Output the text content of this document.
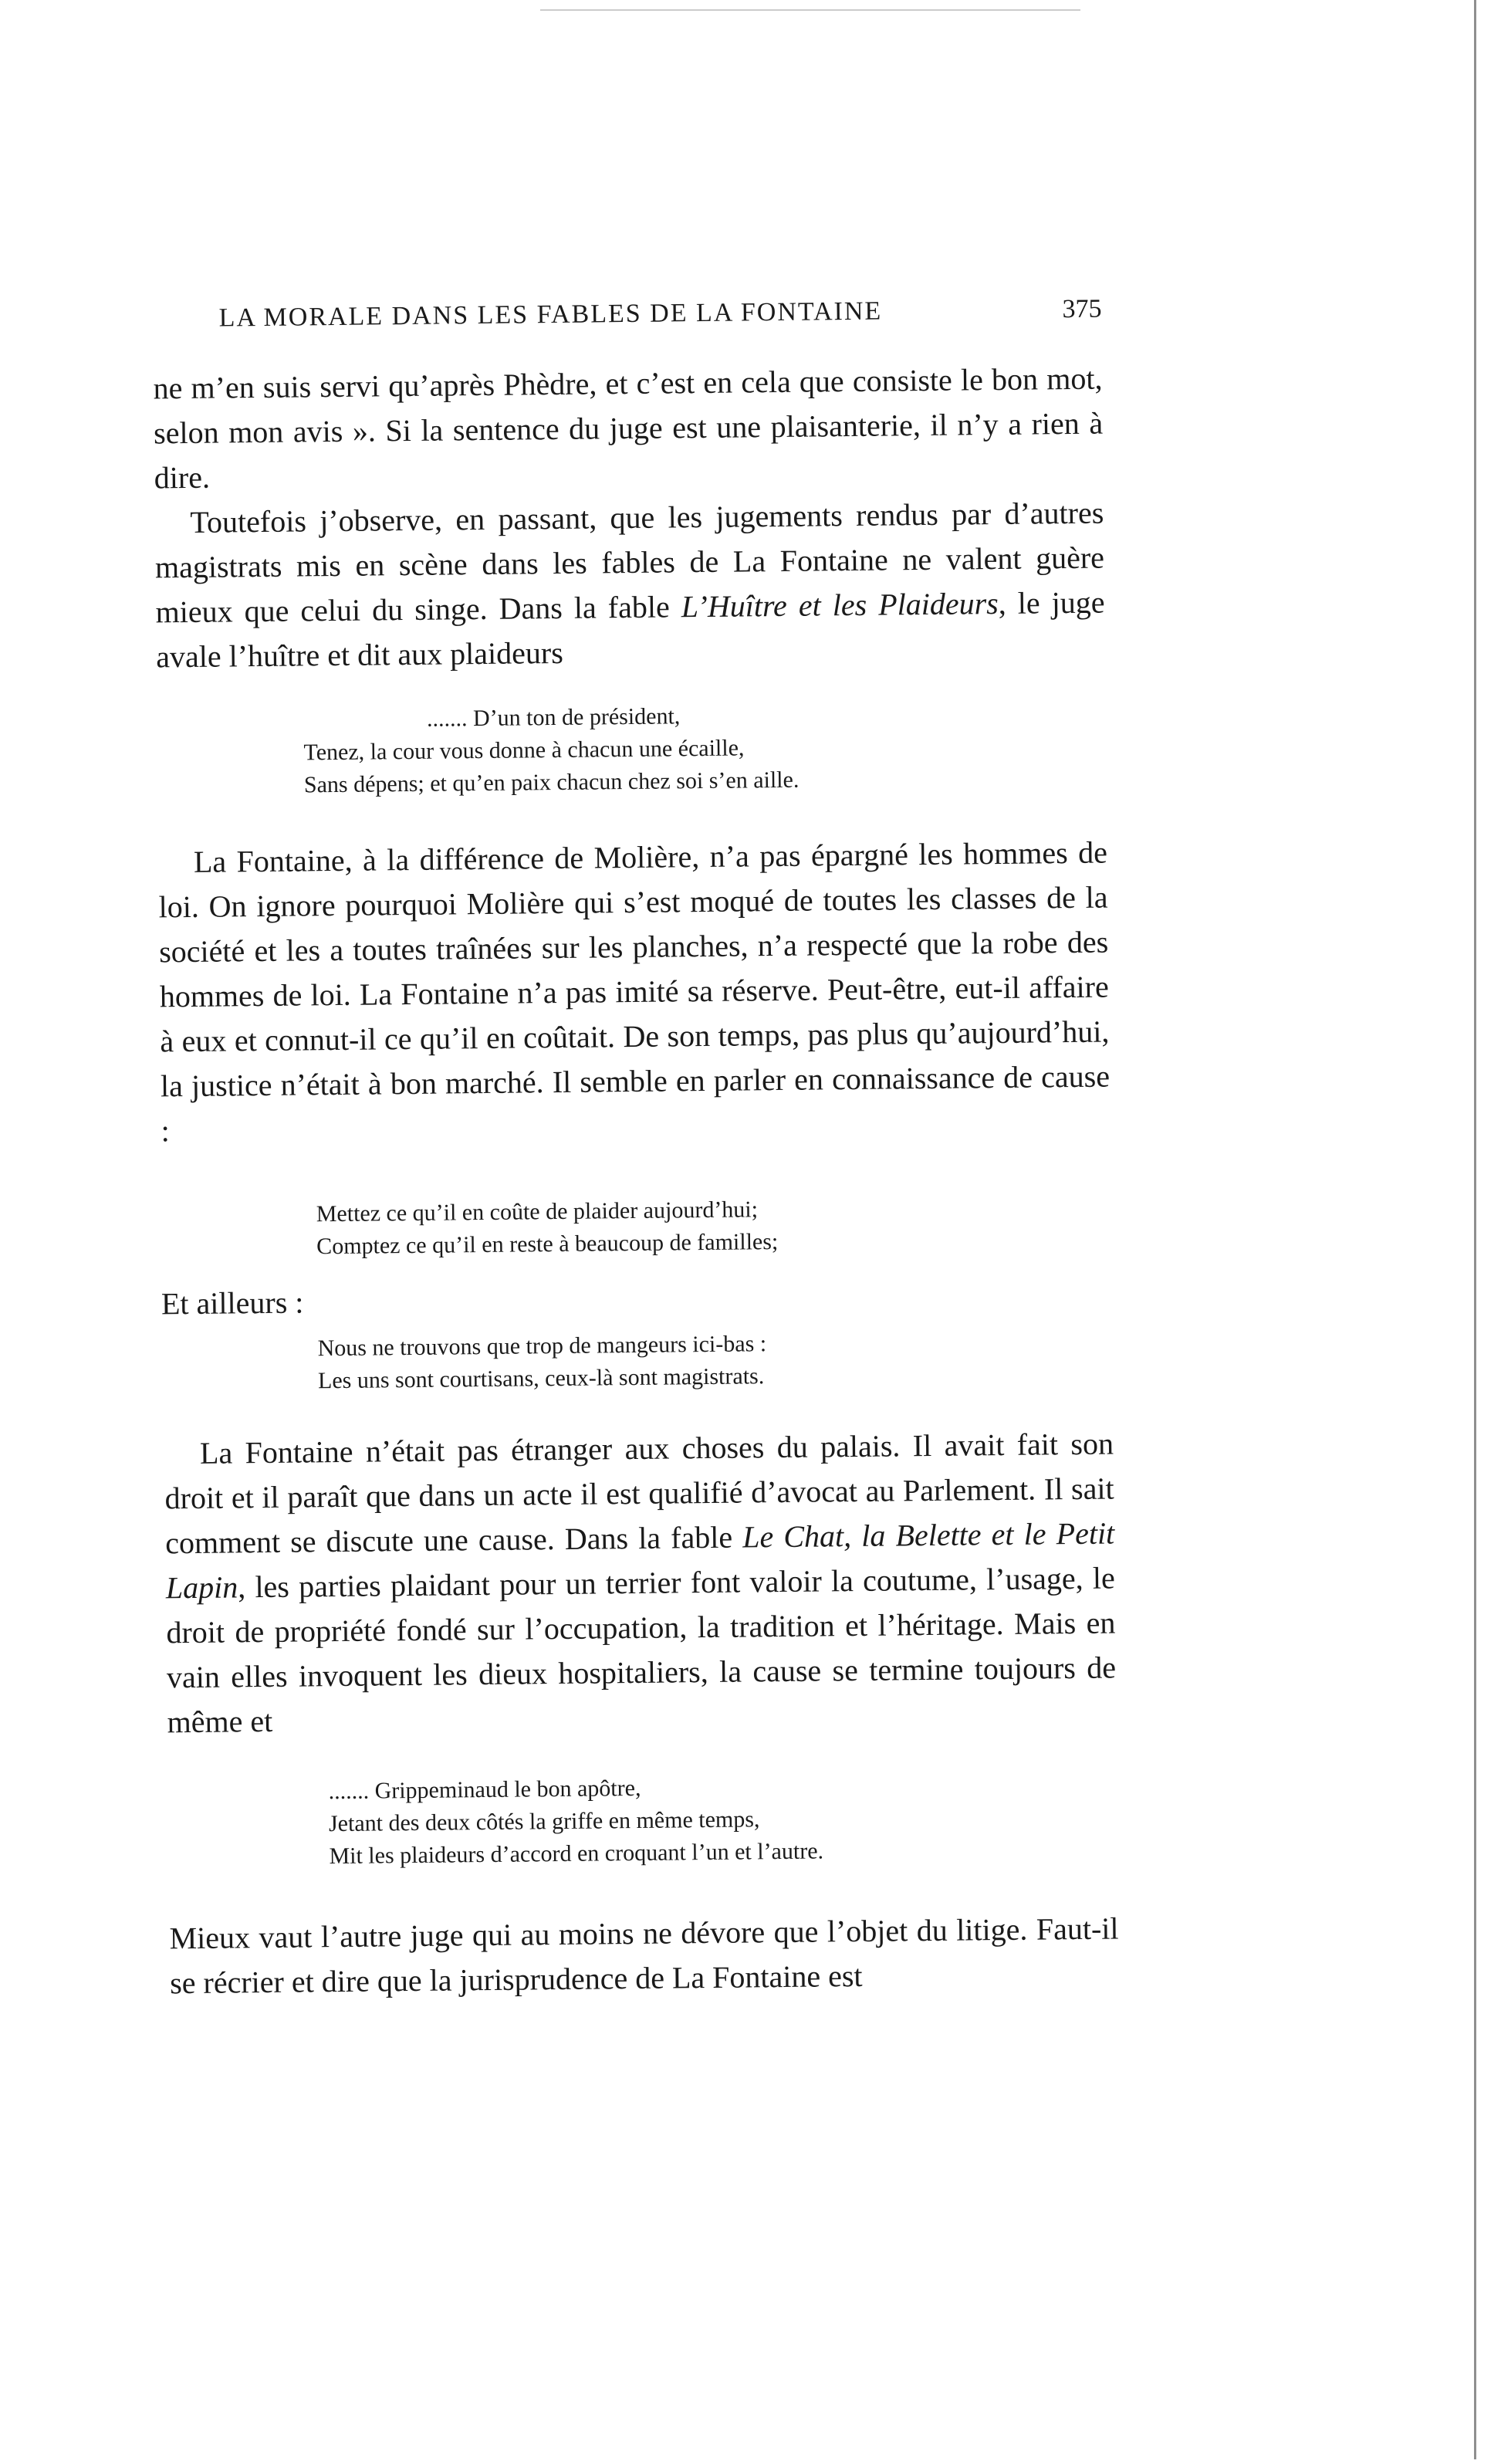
LA MORALE DANS LES FABLES DE LA FONTAINE	375

ne m’en suis servi qu’après Phèdre, et c’est en cela que consiste le bon mot, selon mon avis ». Si la sentence du juge est une plaisanterie, il n’y a rien à dire.

Toutefois j’observe, en passant, que les jugements rendus par d’autres magistrats mis en scène dans les fables de La Fontaine ne valent guère mieux que celui du singe. Dans la fable L’Huître et les Plaideurs, le juge avale l’huître et dit aux plaideurs

....... D’un ton de président,
Tenez, la cour vous donne à chacun une écaille,
Sans dépens; et qu’en paix chacun chez soi s’en aille.

La Fontaine, à la différence de Molière, n’a pas épargné les hommes de loi. On ignore pourquoi Molière qui s’est moqué de toutes les classes de la société et les a toutes traînées sur les planches, n’a respecté que la robe des hommes de loi. La Fontaine n’a pas imité sa réserve. Peut-être, eut-il affaire à eux et connut-il ce qu’il en coûtait. De son temps, pas plus qu’aujourd’hui, la justice n’était à bon marché. Il semble en parler en connaissance de cause :

Mettez ce qu’il en coûte de plaider aujourd’hui;
Comptez ce qu’il en reste à beaucoup de familles;
Et ailleurs :
Nous ne trouvons que trop de mangeurs ici-bas :
Les uns sont courtisans, ceux-là sont magistrats.

La Fontaine n’était pas étranger aux choses du palais. Il avait fait son droit et il paraît que dans un acte il est qualifié d’avocat au Parlement. Il sait comment se discute une cause. Dans la fable Le Chat, la Belette et le Petit Lapin, les parties plaidant pour un terrier font valoir la coutume, l’usage, le droit de propriété fondé sur l’occupation, la tradition et l’héritage. Mais en vain elles invoquent les dieux hospitaliers, la cause se termine toujours de même et

....... Grippeminaud le bon apôtre,
Jetant des deux côtés la griffe en même temps,
Mit les plaideurs d’accord en croquant l’un et l’autre.

Mieux vaut l’autre juge qui au moins ne dévore que l’objet du litige. Faut-il se récrier et dire que la jurisprudence de La Fontaine est
